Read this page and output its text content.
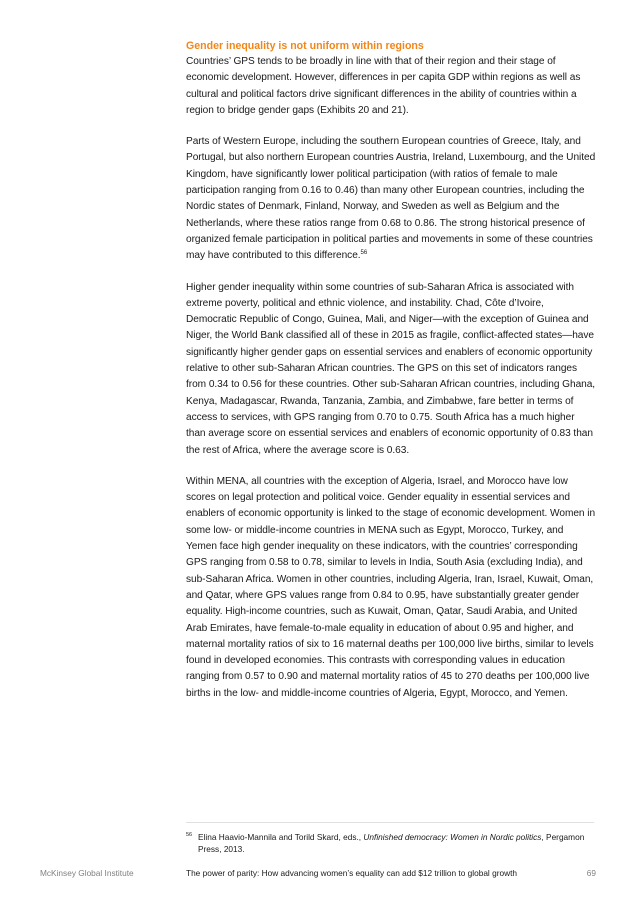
Gender inequality is not uniform within regions

Countries’ GPS tends to be broadly in line with that of their region and their stage of economic development. However, differences in per capita GDP within regions as well as cultural and political factors drive significant differences in the ability of countries within a region to bridge gender gaps (Exhibits 20 and 21).

Parts of Western Europe, including the southern European countries of Greece, Italy, and Portugal, but also northern European countries Austria, Ireland, Luxembourg, and the United Kingdom, have significantly lower political participation (with ratios of female to male participation ranging from 0.16 to 0.46) than many other European countries, including the Nordic states of Denmark, Finland, Norway, and Sweden as well as Belgium and the Netherlands, where these ratios range from 0.68 to 0.86. The strong historical presence of organized female participation in political parties and movements in some of these countries may have contributed to this difference.$^{56}$

Higher gender inequality within some countries of sub-Saharan Africa is associated with extreme poverty, political and ethnic violence, and instability. Chad, Côte d’Ivoire, Democratic Republic of Congo, Guinea, Mali, and Niger—with the exception of Guinea and Niger, the World Bank classified all of these in 2015 as fragile, conflict-affected states—have significantly higher gender gaps on essential services and enablers of economic opportunity relative to other sub-Saharan African countries. The GPS on this set of indicators ranges from 0.34 to 0.56 for these countries. Other sub-Saharan African countries, including Ghana, Kenya, Madagascar, Rwanda, Tanzania, Zambia, and Zimbabwe, fare better in terms of access to services, with GPS ranging from 0.70 to 0.75. South Africa has a much higher than average score on essential services and enablers of economic opportunity of 0.83 than the rest of Africa, where the average score is 0.63.

Within MENA, all countries with the exception of Algeria, Israel, and Morocco have low scores on legal protection and political voice. Gender equality in essential services and enablers of economic opportunity is linked to the stage of economic development. Women in some low- or middle-income countries in MENA such as Egypt, Morocco, Turkey, and Yemen face high gender inequality on these indicators, with the countries’ corresponding GPS ranging from 0.58 to 0.78, similar to levels in India, South Asia (excluding India), and sub-Saharan Africa. Women in other countries, including Algeria, Iran, Israel, Kuwait, Oman, and Qatar, where GPS values range from 0.84 to 0.95, have substantially greater gender equality. High-income countries, such as Kuwait, Oman, Qatar, Saudi Arabia, and United Arab Emirates, have female-to-male equality in education of about 0.95 and higher, and maternal mortality ratios of six to 16 maternal deaths per 100,000 live births, similar to levels found in developed economies. This contrasts with corresponding values in education ranging from 0.57 to 0.90 and maternal mortality ratios of 45 to 270 deaths per 100,000 live births in the low- and middle-income countries of Algeria, Egypt, Morocco, and Yemen.

56 Elina Haavio-Mannila and Torild Skard, eds., Unfinished democracy: Women in Nordic politics, Pergamon Press, 2013.
McKinsey Global Institute	The power of parity: How advancing women’s equality can add $12 trillion to global growth	69
